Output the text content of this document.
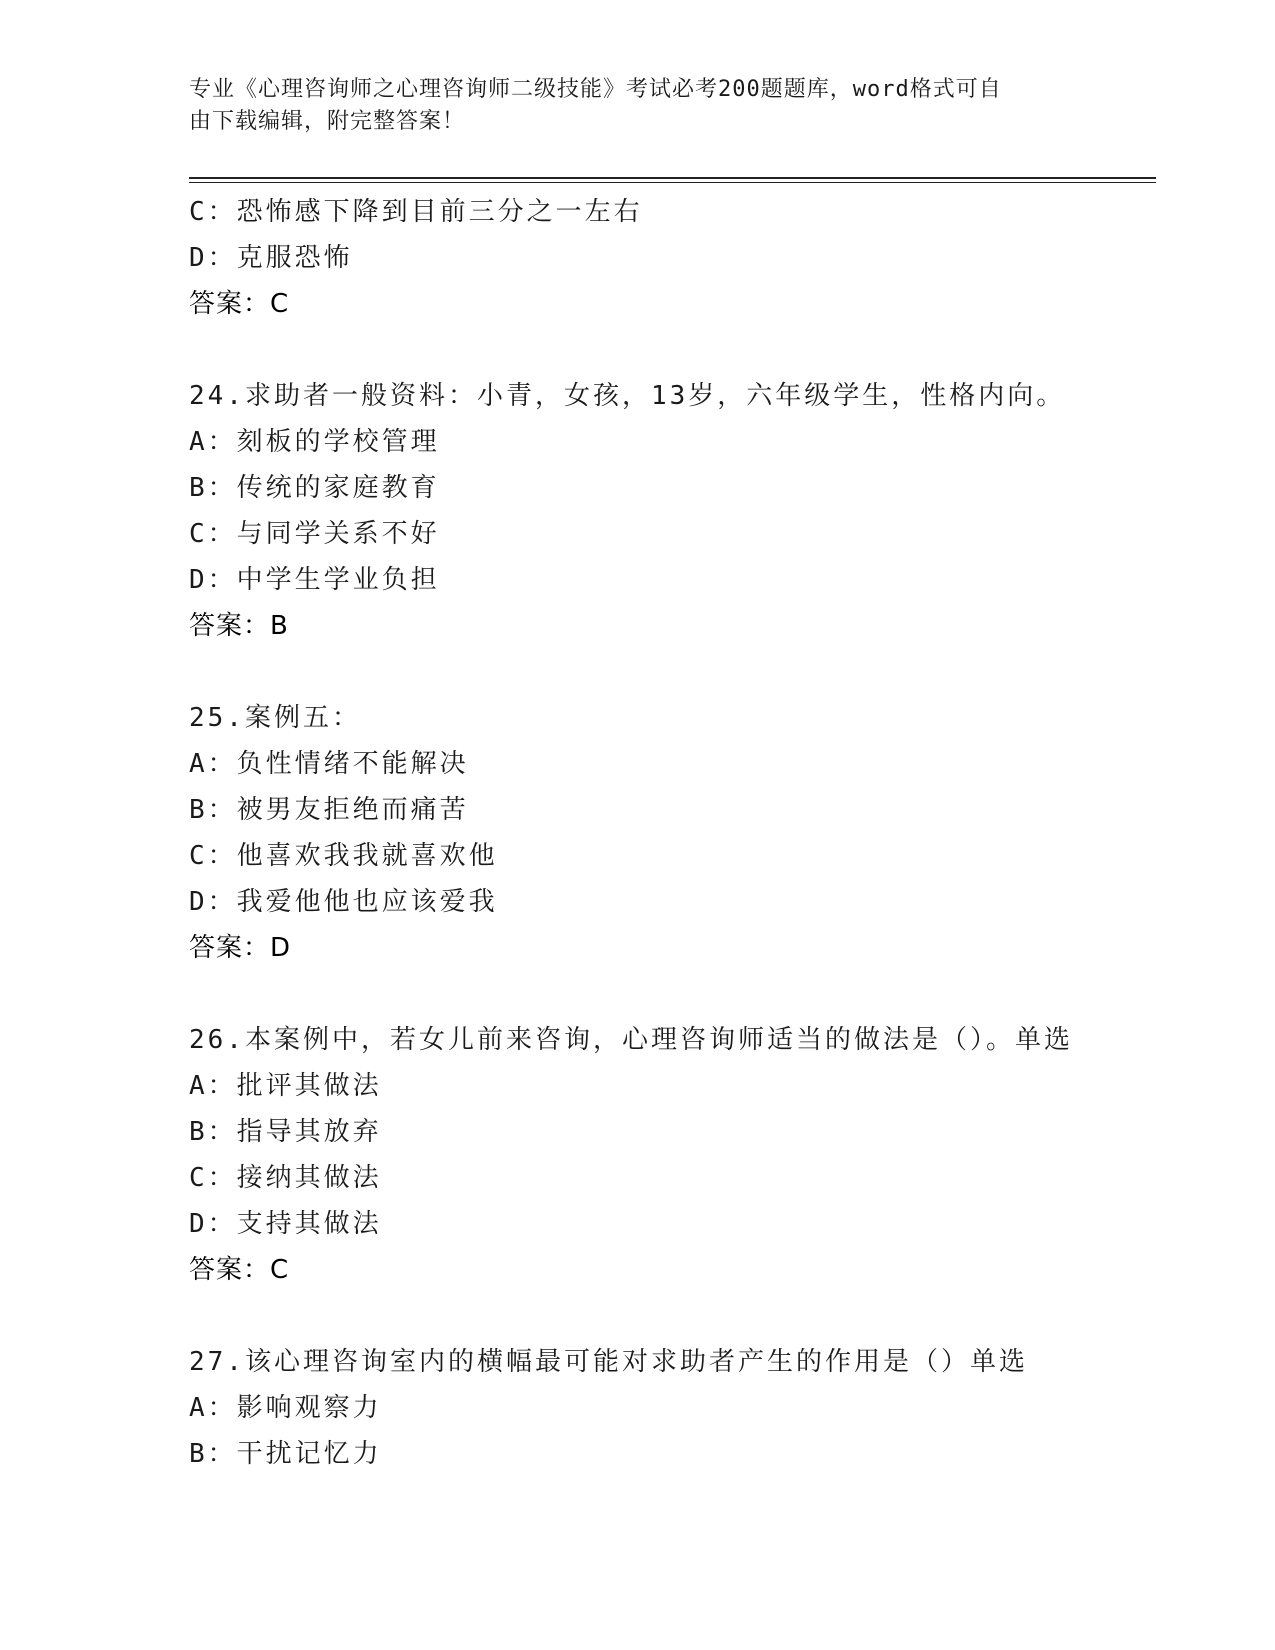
专业《心理咨询师之心理咨询师二级技能》考试必考200题题库，word格式可自
由下载编辑，附完整答案！
C：恐怖感下降到目前三分之一左右
D：克服恐怖
答案：C
24.求助者一般资料：小青，女孩，13岁，六年级学生，性格内向。
A：刻板的学校管理
B：传统的家庭教育
C：与同学关系不好
D：中学生学业负担
答案：B
25.案例五：
A：负性情绪不能解决
B：被男友拒绝而痛苦
C：他喜欢我我就喜欢他
D：我爱他他也应该爱我
答案：D
26.本案例中，若女儿前来咨询，心理咨询师适当的做法是（）。单选
A：批评其做法
B：指导其放弃
C：接纳其做法
D：支持其做法
答案：C
27.该心理咨询室内的横幅最可能对求助者产生的作用是（）单选
A：影响观察力
B：干扰记忆力
